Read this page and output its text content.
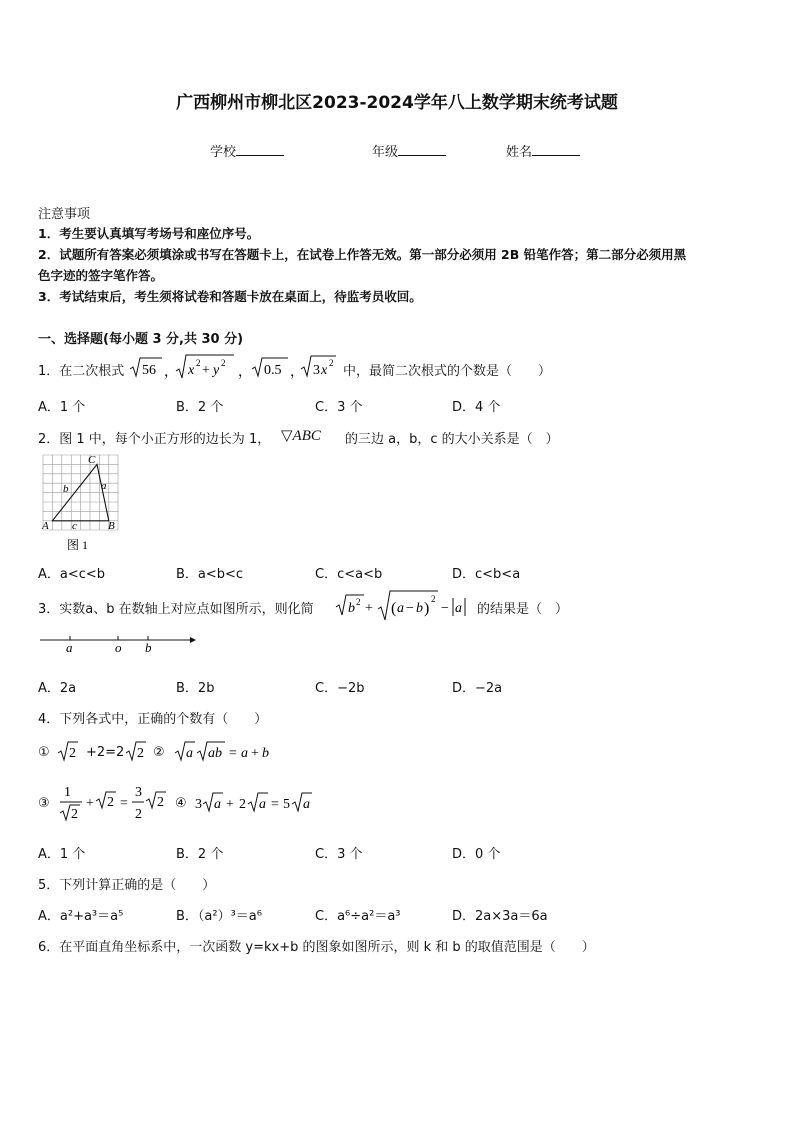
广西柳州市柳北区2023-2024学年八上数学期末统考试题
学校	年级	姓名
注意事项
1．考生要认真填写考场号和座位序号。
2．试题所有答案必须填涂或书写在答题卡上，在试卷上作答无效。第一部分必须用 2B 铅笔作答；第二部分必须用黑
色字迹的签字笔作答。
3．考试结束后，考生须将试卷和答题卡放在桌面上，待监考员收回。
一、选择题(每小题 3 分,共 30 分)
1．在二次根式 56 ， x 2 + y 2
， 0.5 ， 3 x 2
中，最简二次根式的个数是（　　）
A．1 个	B．2 个	C．3 个	D．4 个
2．图 1 中，每个小正方形的边长为 1， ▽ABC 的三边 a，b，c 的大小关系是（　）
C
b	a
c
A	B
图 1
A．a<c<b	B．a<b<c	C．c<a<b	D．c<b<a
3．实数a、b 在数轴上对应点如图所示，则化简 b 2 + ( a − b )
2
− a 的结果是（　）
a	o b
A．2a	B．2b	C．−2b	D．−2a
4．下列各式中，正确的个数有（　　）
① 2 +2=2 2 ② a ab = a + b
③
1
2
+ 2 =
3
2
2 ④ 3 a + 2 a = 5 a
A．1 个	B．2 个	C．3 个	D．0 个
5．下列计算正确的是（　　）
A．a²+a³＝a⁵	B．（a²）³＝a⁶	C．a⁶÷a²＝a³	D．2a×3a＝6a
6．在平面直角坐标系中，一次函数 y=kx+b 的图象如图所示，则 k 和 b 的取值范围是（　　）
